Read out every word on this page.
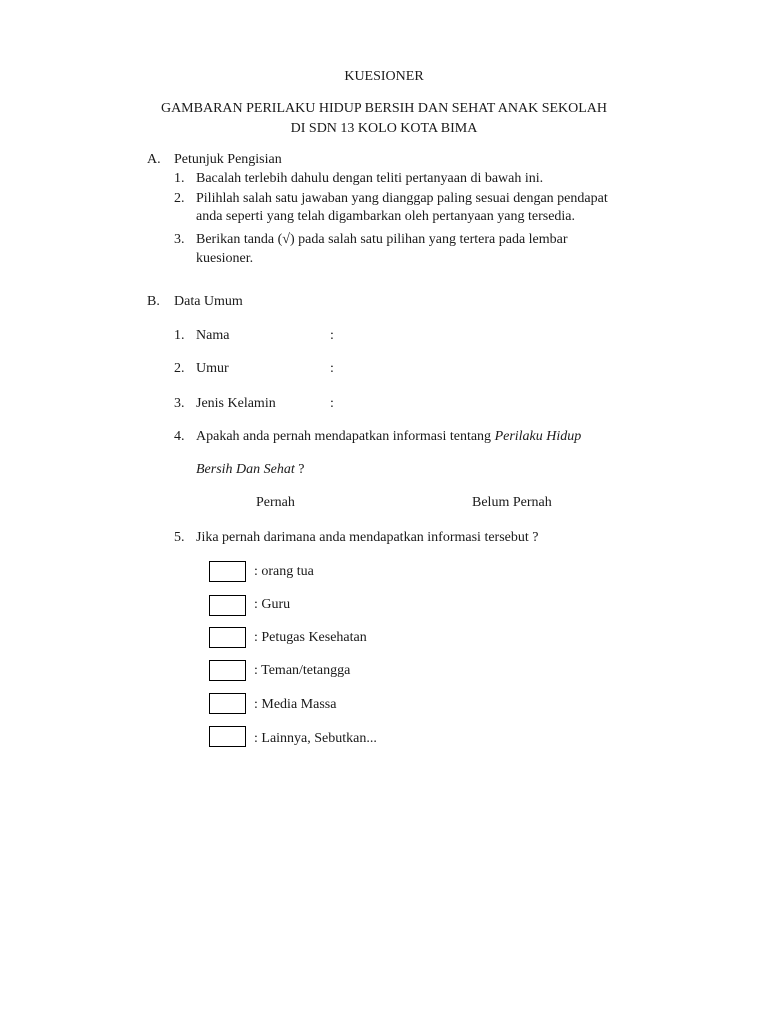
KUESIONER
GAMBARAN PERILAKU HIDUP BERSIH DAN SEHAT ANAK SEKOLAH
DI SDN 13 KOLO KOTA BIMA
A. Petunjuk Pengisian
1. Bacalah terlebih dahulu dengan teliti pertanyaan di bawah ini.
2. Pilihlah salah satu jawaban yang dianggap paling sesuai dengan pendapat
anda seperti yang telah digambarkan oleh pertanyaan yang tersedia.
3. Berikan tanda (√) pada salah satu pilihan yang tertera pada lembar
kuesioner.
B. Data Umum
1. Nama	:
2. Umur	:
3. Jenis Kelamin	:
4. Apakah anda pernah mendapatkan informasi tentang Perilaku Hidup
Bersih Dan Sehat ?
Pernah	Belum Pernah
5. Jika pernah darimana anda mendapatkan informasi tersebut ?
: orang tua
: Guru
: Petugas Kesehatan
: Teman/tetangga
: Media Massa
: Lainnya, Sebutkan...
